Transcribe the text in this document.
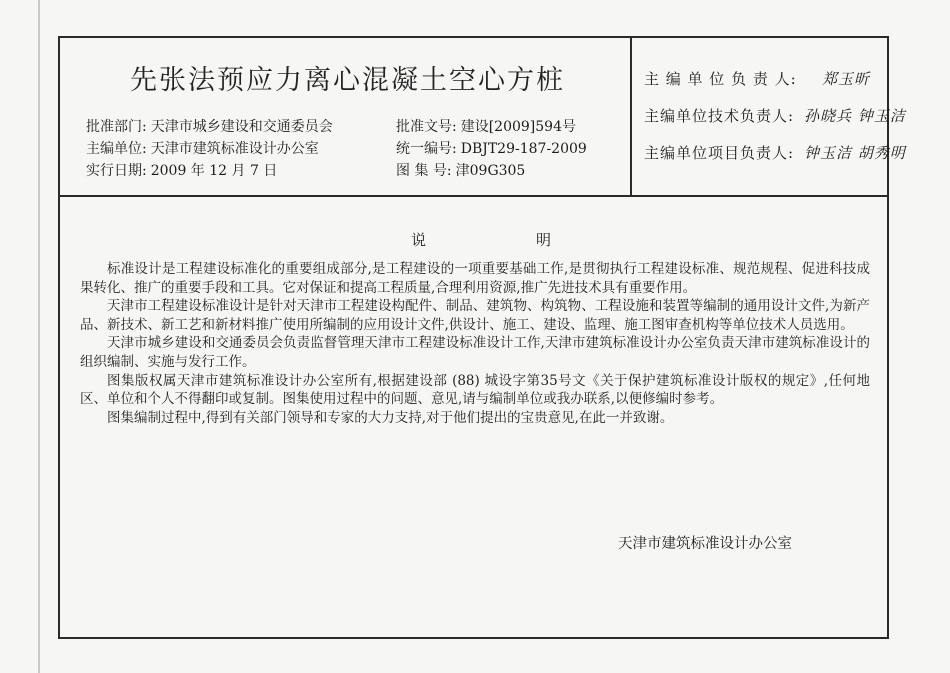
先张法预应力离心混凝土空心方桩
批准部门: 天津市城乡建设和交通委员会
主编单位: 天津市建筑标准设计办公室
实行日期: 2009 年 12 月 7 日
批准文号: 建设[2009]594号
统一编号: DBJT29-187-2009
图 集 号: 津09G305
主 编 单 位 负 责 人: 郑玉昕
主编单位技术负责人: 孙晓兵 钟玉洁
主编单位项目负责人: 钟玉洁 胡秀明
说	明

标准设计是工程建设标准化的重要组成部分,是工程建设的一项重要基础工作,是贯彻执行工程建设标准、规范规程、促进科技成果转化、推广的重要手段和工具。它对保证和提高工程质量,合理利用资源,推广先进技术具有重要作用。

天津市工程建设标准设计是针对天津市工程建设构配件、制品、建筑物、构筑物、工程设施和装置等编制的通用设计文件,为新产品、新技术、新工艺和新材料推广使用所编制的应用设计文件,供设计、施工、建设、监理、施工图审查机构等单位技术人员选用。

天津市城乡建设和交通委员会负责监督管理天津市工程建设标准设计工作,天津市建筑标准设计办公室负责天津市建筑标准设计的组织编制、实施与发行工作。

图集版权属天津市建筑标准设计办公室所有,根据建设部 (88) 城设字第35号文《关于保护建筑标准设计版权的规定》,任何地区、单位和个人不得翻印或复制。图集使用过程中的问题、意见,请与编制单位或我办联系,以便修编时参考。

图集编制过程中,得到有关部门领导和专家的大力支持,对于他们提出的宝贵意见,在此一并致谢。

天津市建筑标准设计办公室
